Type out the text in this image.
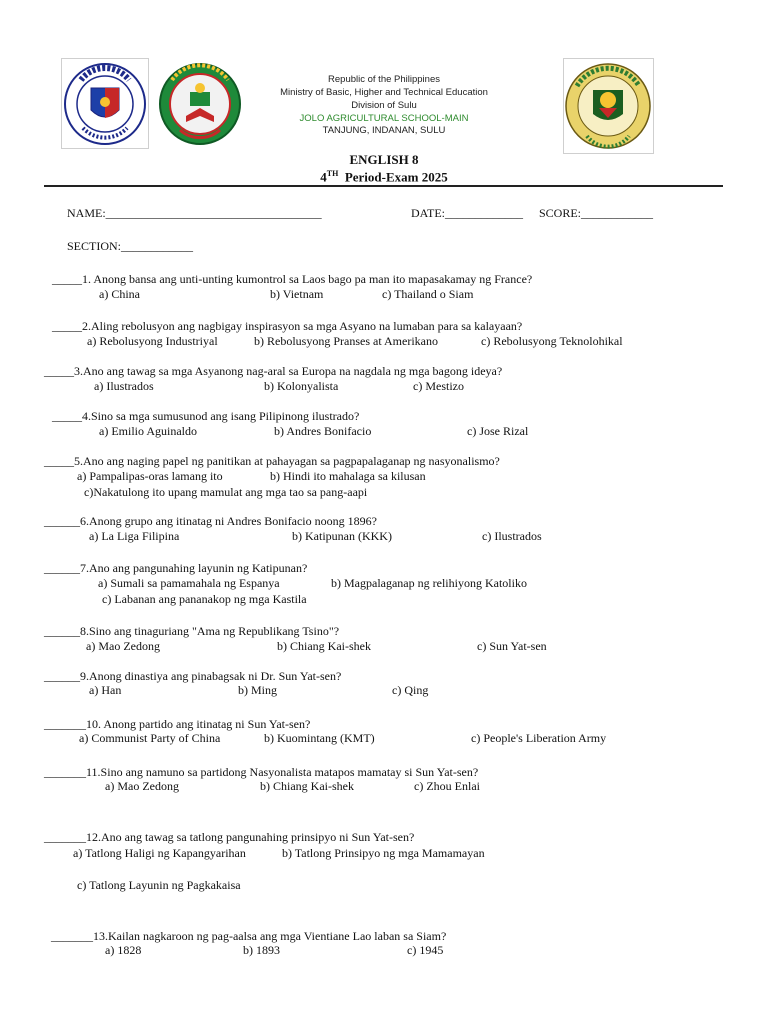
Republic of the Philippines
Ministry of Basic, Higher and Technical Education
Division of Sulu
JOLO AGRICULTURAL SCHOOL-MAIN
TANJUNG, INDANAN, SULU
ENGLISH 8
4TH Period-Exam 2025
NAME:____________________________________	DATE:_____________ SCORE:____________
SECTION:____________
_____1. Anong bansa ang unti-unting kumontrol sa Laos bago pa man ito mapasakamay ng France?
a) China	b) Vietnam	c) Thailand o Siam
_____2.Aling rebolusyon ang nagbigay inspirasyon sa mga Asyano na lumaban para sa kalayaan?
a) Rebolusyong Industriyal	b) Rebolusyong Pranses at Amerikano	c) Rebolusyong Teknolohikal
_____3.Ano ang tawag sa mga Asyanong nag-aral sa Europa na nagdala ng mga bagong ideya?
a) Ilustrados	b) Kolonyalista	c) Mestizo
_____4.Sino sa mga sumusunod ang isang Pilipinong ilustrado?
a) Emilio Aguinaldo	b) Andres Bonifacio	c) Jose Rizal
_____5.Ano ang naging papel ng panitikan at pahayagan sa pagpapalaganap ng nasyonalismo?
a) Pampalipas-oras lamang ito	b) Hindi ito mahalaga sa kilusan
c)Nakatulong ito upang mamulat ang mga tao sa pang-aapi
______6.Anong grupo ang itinatag ni Andres Bonifacio noong 1896?
a) La Liga Filipina	b) Katipunan (KKK)	c) Ilustrados
______7.Ano ang pangunahing layunin ng Katipunan?
a) Sumali sa pamamahala ng Espanya	b) Magpalaganap ng relihiyong Katoliko
c) Labanan ang pananakop ng mga Kastila
______8.Sino ang tinaguriang "Ama ng Republikang Tsino"?
a) Mao Zedong	b) Chiang Kai-shek	c) Sun Yat-sen
______9.Anong dinastiya ang pinabagsak ni Dr. Sun Yat-sen?
a) Han	b) Ming	c) Qing
_______10. Anong partido ang itinatag ni Sun Yat-sen?
a) Communist Party of China	b) Kuomintang (KMT)	c) People's Liberation Army
_______11.Sino ang namuno sa partidong Nasyonalista matapos mamatay si Sun Yat-sen?
a) Mao Zedong	b) Chiang Kai-shek	c) Zhou Enlai
_______12.Ano ang tawag sa tatlong pangunahing prinsipyo ni Sun Yat-sen?
a) Tatlong Haligi ng Kapangyarihan	b) Tatlong Prinsipyo ng mga Mamamayan
c) Tatlong Layunin ng Pagkakaisa
_______13.Kailan nagkaroon ng pag-aalsa ang mga Vientiane Lao laban sa Siam?
a) 1828	b) 1893	c) 1945
